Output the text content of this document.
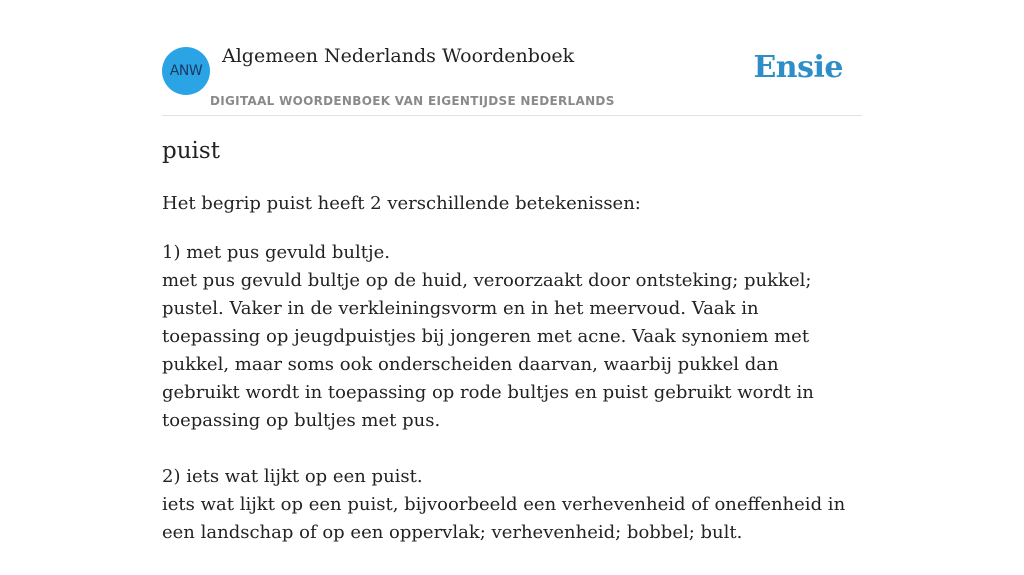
ANW
Algemeen Nederlands Woordenboek
DIGITAAL WOORDENBOEK VAN EIGENTIJDSE NEDERLANDS
Ensie
puist

Het begrip puist heeft 2 verschillende betekenissen:

1) met pus gevuld bultje.
met pus gevuld bultje op de huid, veroorzaakt door ontsteking; pukkel; pustel. Vaker in de verkleiningsvorm en in het meervoud. Vaak in toepassing op jeugdpuistjes bij jongeren met acne. Vaak synoniem met pukkel, maar soms ook onderscheiden daarvan, waarbij pukkel dan gebruikt wordt in toepassing op rode bultjes en puist gebruikt wordt in toepassing op bultjes met pus.
2) iets wat lijkt op een puist.
iets wat lijkt op een puist, bijvoorbeeld een verhevenheid of oneffenheid in een landschap of op een oppervlak; verhevenheid; bobbel; bult.
